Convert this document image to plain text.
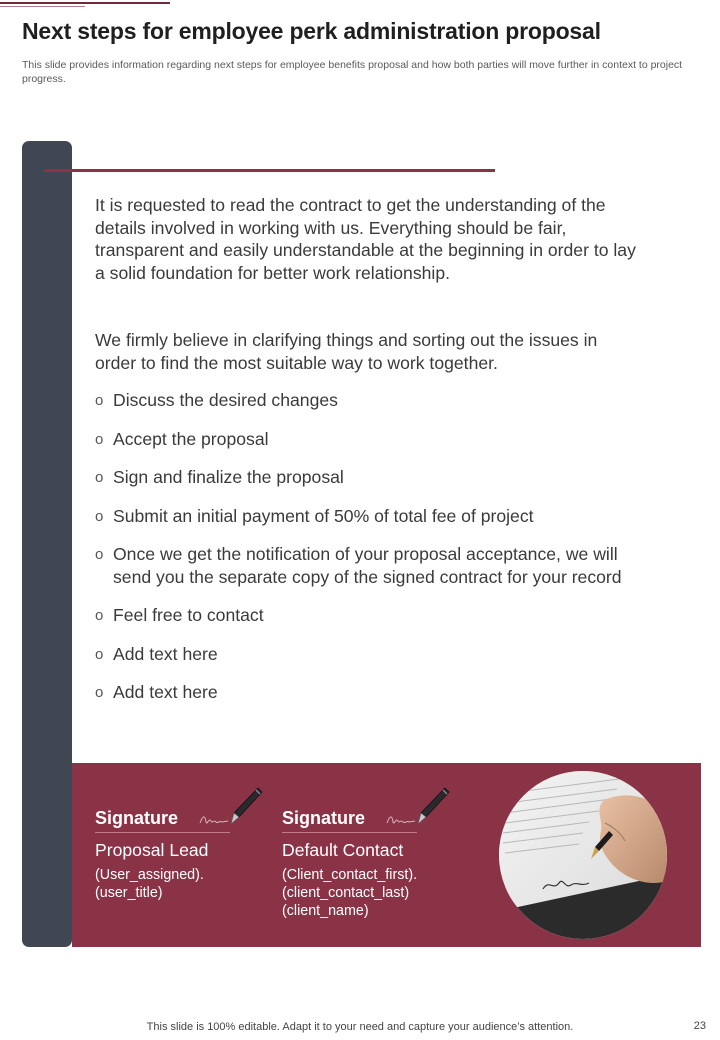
Next steps for employee perk administration proposal

This slide provides information regarding next steps for employee benefits proposal and how both parties will move further in context to project progress.

It is requested to read the contract to get the understanding of the details involved in working with us. Everything should be fair, transparent and easily understandable at the beginning in order to lay a solid foundation for better work relationship.

We firmly believe in clarifying things and sorting out the issues in order to find the most suitable way to work together.

o Discuss the desired changes
o Accept the proposal
o Sign and finalize the proposal
o Submit an initial payment of 50% of total fee of project
o Once we get the notification of your proposal acceptance, we will send you the separate copy of the signed contract for your record
o Feel free to contact
o Add text here
o Add text here
Signature
Proposal Lead
(User_assigned).
(user_title)
Signature
Default Contact
(Client_contact_first).
(client_contact_last)
(client_name)
This slide is 100% editable. Adapt it to your need and capture your audience’s attention.	23
